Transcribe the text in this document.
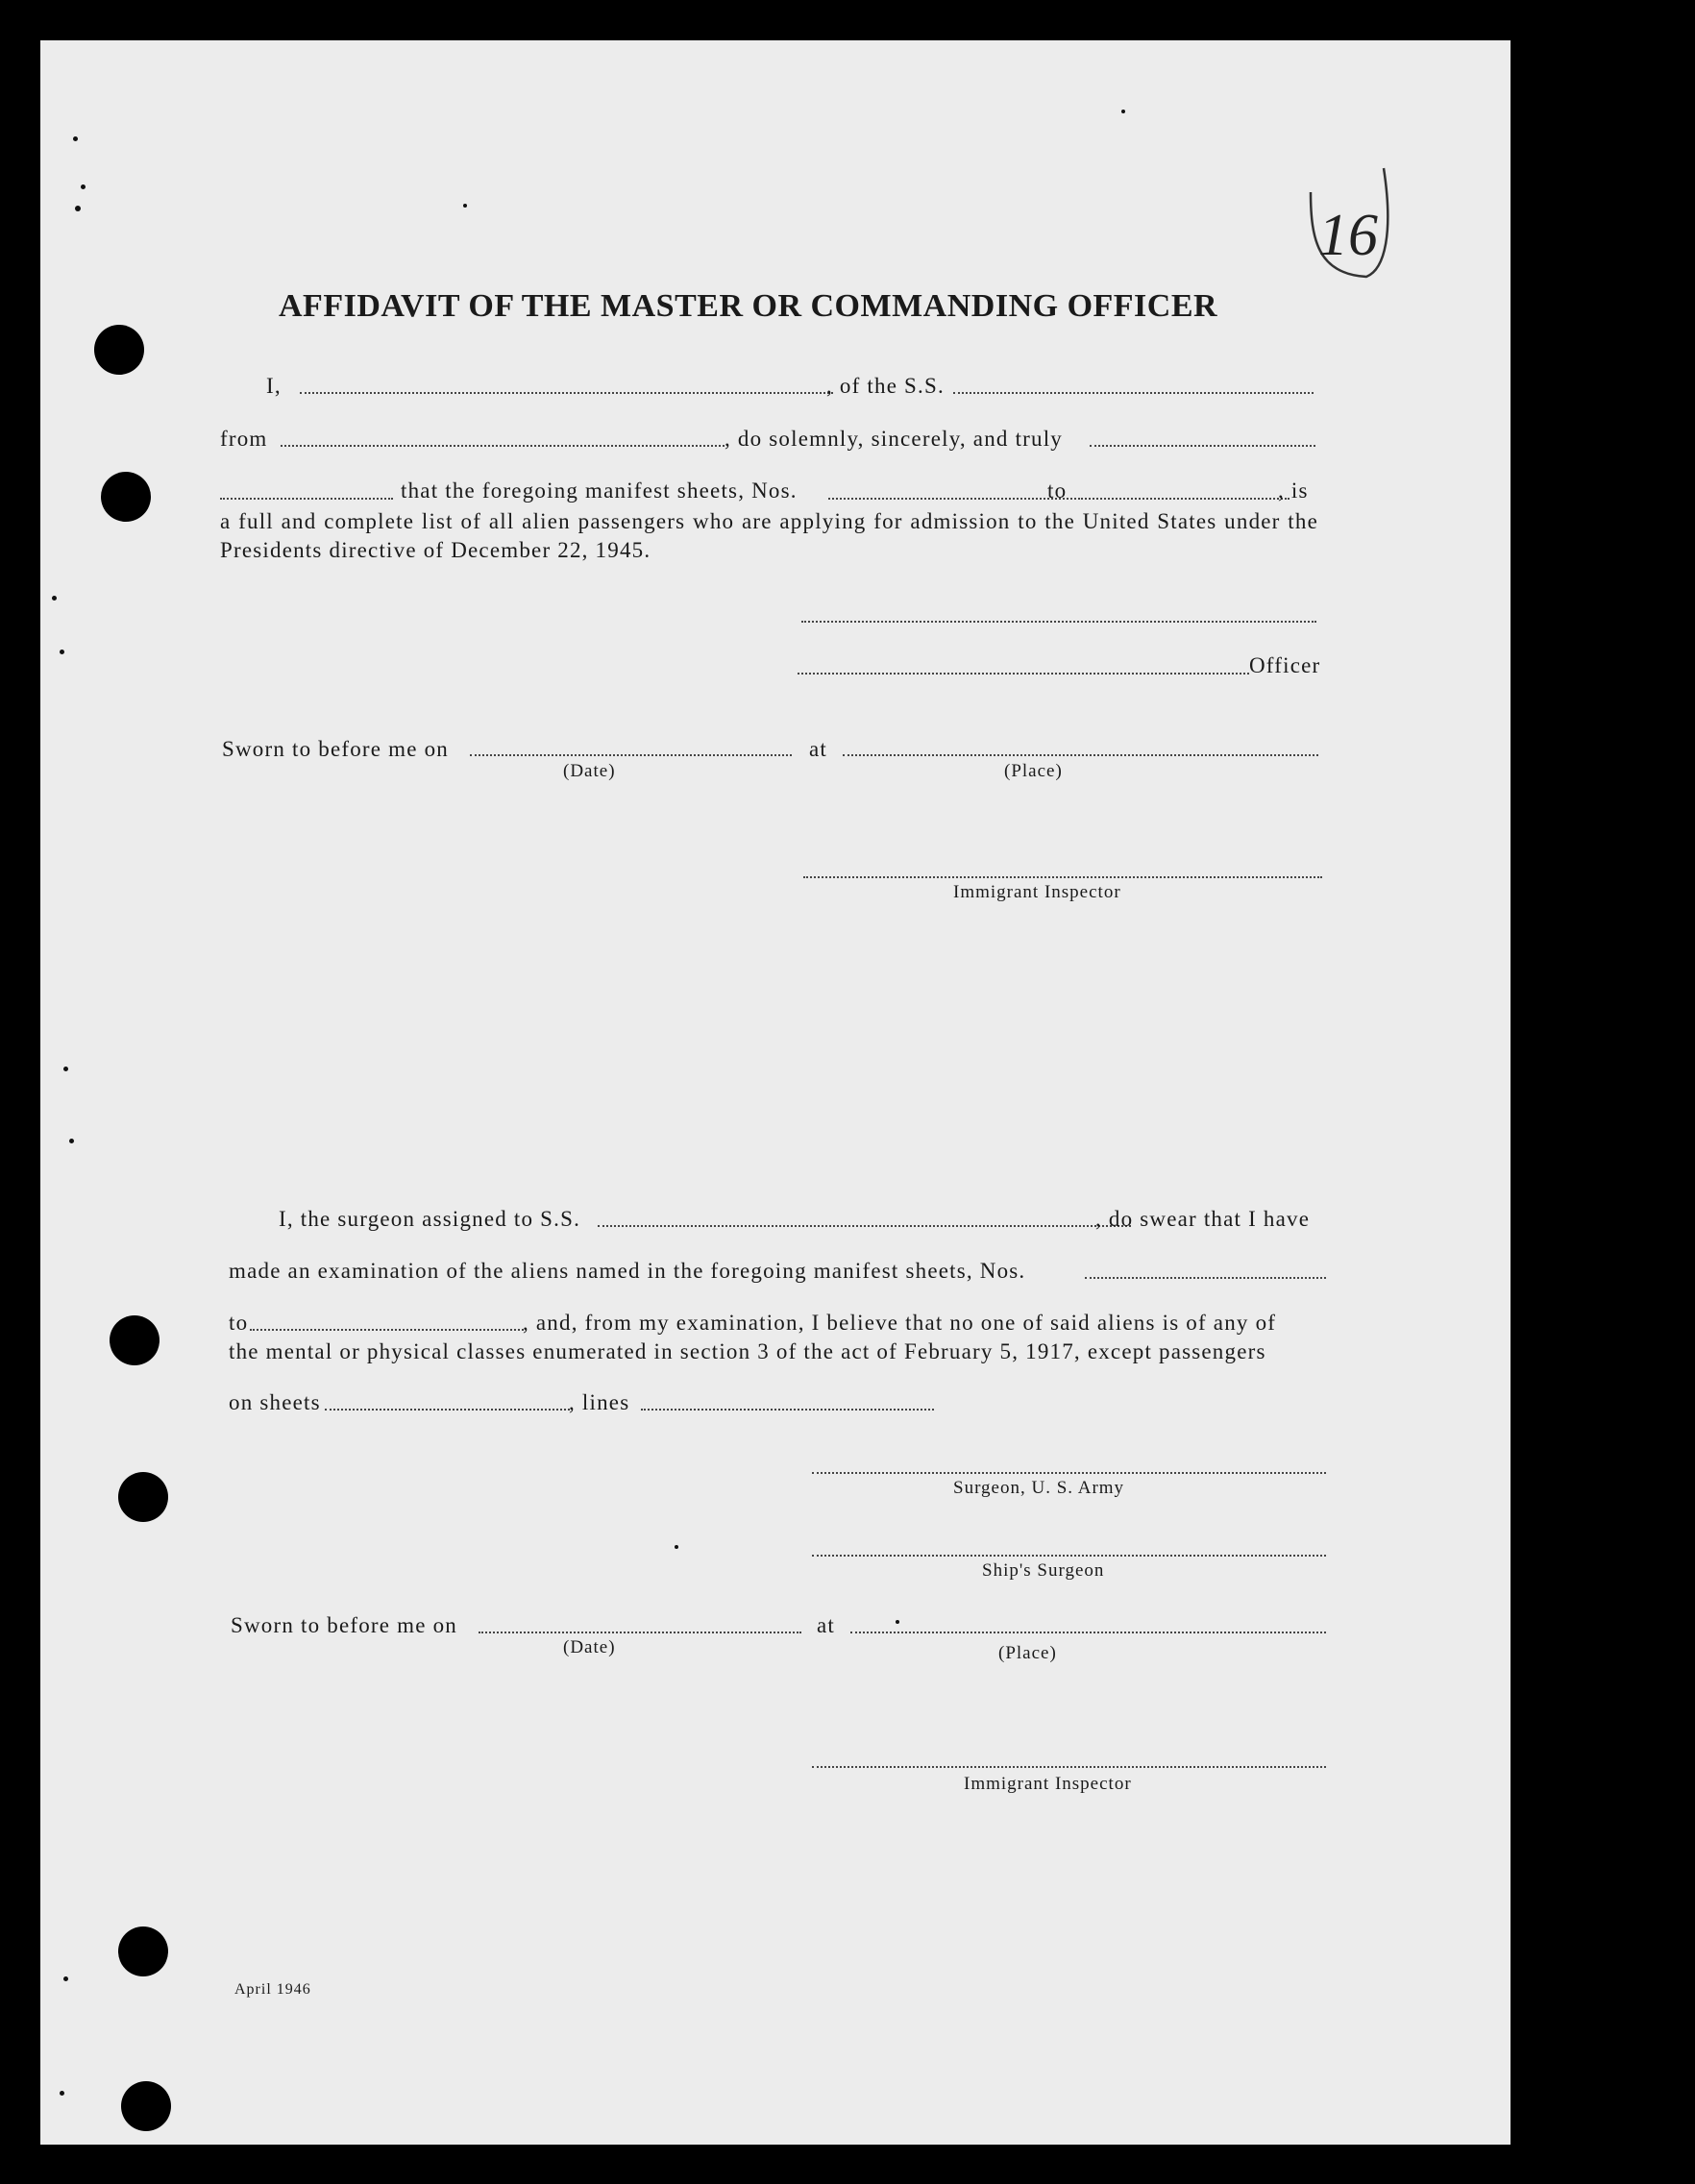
16
AFFIDAVIT OF THE MASTER OR COMMANDING OFFICER
I,	, of the S.S.
from	, do solemnly, sincerely, and truly
that the foregoing manifest sheets, Nos.	to	, is
a full and complete list of all alien passengers who are applying for admission to the United States under the Presidents directive of December 22, 1945.
Officer
Sworn to before me on	at
(Date)	(Place)
Immigrant Inspector
I, the surgeon assigned to S.S.	, do swear that I have
made an examination of the aliens named in the foregoing manifest sheets, Nos.
to	, and, from my examination, I believe that no one of said aliens is of any of
the mental or physical classes enumerated in section 3 of the act of February 5, 1917, except passengers
on sheets	, lines
Surgeon, U. S. Army
Ship's Surgeon
Sworn to before me on	at
(Date)	(Place)
Immigrant Inspector
April 1946
